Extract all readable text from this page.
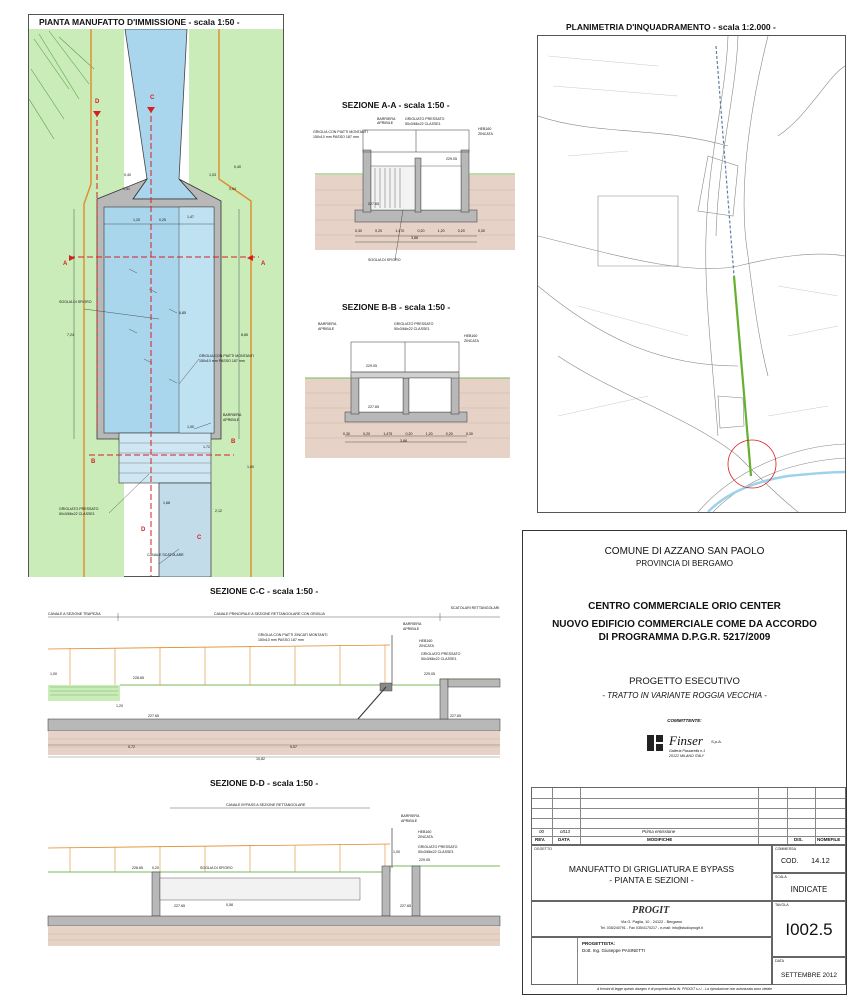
PIANTA MANUFATTO D'IMMISSIONE - scala 1:50 -
D
C
A	A
B
B
C
D
SOGLIA DI SFIORO
GRIGLIA CON PIATTI MONTANTI
150x10 mm PASSO 187 mm
BARRIERA
APRIBILE
GRIGLIATO PRESSATO
50x3/66x22 CLASSE1
CANALE SCATOLARE
1,20	0,25
1,47
1,03
0,40
0,40
1,41	0,54
7,24	8,85
6,85
1,72
1,00
1,00
2,12
1,68
SEZIONE A-A - scala 1:50 -
BARRIERA
APRIBILE
GRIGLIATO PRESSATO
50x3/66x22 CLASSE1
GRIGLIA CON PIATTI MONTANTI
150x10 mm PASSO 187 mm
HEB160
ZINCATA
229.05
227.65
0,30	0,20	1,470	0,20	1,20	0,20	0,30
3,88
SOGLIA DI SFIORO
SEZIONE B-B - scala 1:50 -
BARRIERA
APRIBILE
GRIGLIATO PRESSATO
50x3/66x22 CLASSE1
HEB160
ZINCATA
229.05
227.65
0,30	0,20	1,475	0,20	1,20	0,20	0,30
3,88
PLANIMETRIA D'INQUADRAMENTO - scala 1:2.000 -
SEZIONE C-C - scala 1:50 -
CANALE A SEZIONE TRAPEZIA	CANALE PRINCIPALE A SEZIONE RETTANGOLARE CON GRIGLIA
SCATOLARI RETTANGOLARI
BARRIERA
APRIBILE
GRIGLIA CON PIATTI ZINCATI MONTANTI
150x10 mm PASSO 187 mm	HEB160
ZINCATA
GRIGLIATO PRESSATO
50x3/66x22 CLASSE1
228.65
229.05
227.65	227.65
0,72	9,57
10,82
1,00
1,20
SEZIONE D-D - scala 1:50 -
CANALE BYPASS A SEZIONE RETTANGOLARE
BARRIERA
APRIBILE
HEB160
ZINCATA
GRIGLIATO PRESSATO
50x3/66x22 CLASSE1
SOGLIA DI SFIORO
228.65
229.05
227.65	227.65
0,20
0,58
1,00
COMUNE DI AZZANO SAN PAOLO
PROVINCIA DI BERGAMO
CENTRO COMMERCIALE ORIO CENTER
NUOVO EDIFICIO COMMERCIALE COME DA ACCORDO
DI PROGRAMMA D.P.G.R. 5217/2009
PROGETTO ESECUTIVO
- TRATTO IN VARIANTE ROGGIA VECCHIA -
COMMITTENTE:
Finser S.p.A.
Galleria Passarella n.1
20122 MILANO ITALY
00	ott13	Prima emissione
REV.	DATA	MODIFICHE	DIS.	NOMEFILE
OGGETTO
MANUFATTO DI GRIGLIATURA E BYPASS
- PIANTA E SEZIONI -
COMMESSA
COD. 14.12
SCALA
INDICATE
TAVOLA
I002.5
DATA
SETTEMBRE 2012
PROGIT
Via G. Paglia, 10 - 24122 - Bergamo
Tel. 035/240791 - Fax 035/4170217 - e-mail: info@studioprogit.it
PROGETTISTA:
Dott. Ing. Giuseppe PASINETTI
A termini di legge questo disegno è di proprietà della IN. PROGIT s.r.l. - La riproduzione non autorizzata sono vietate
